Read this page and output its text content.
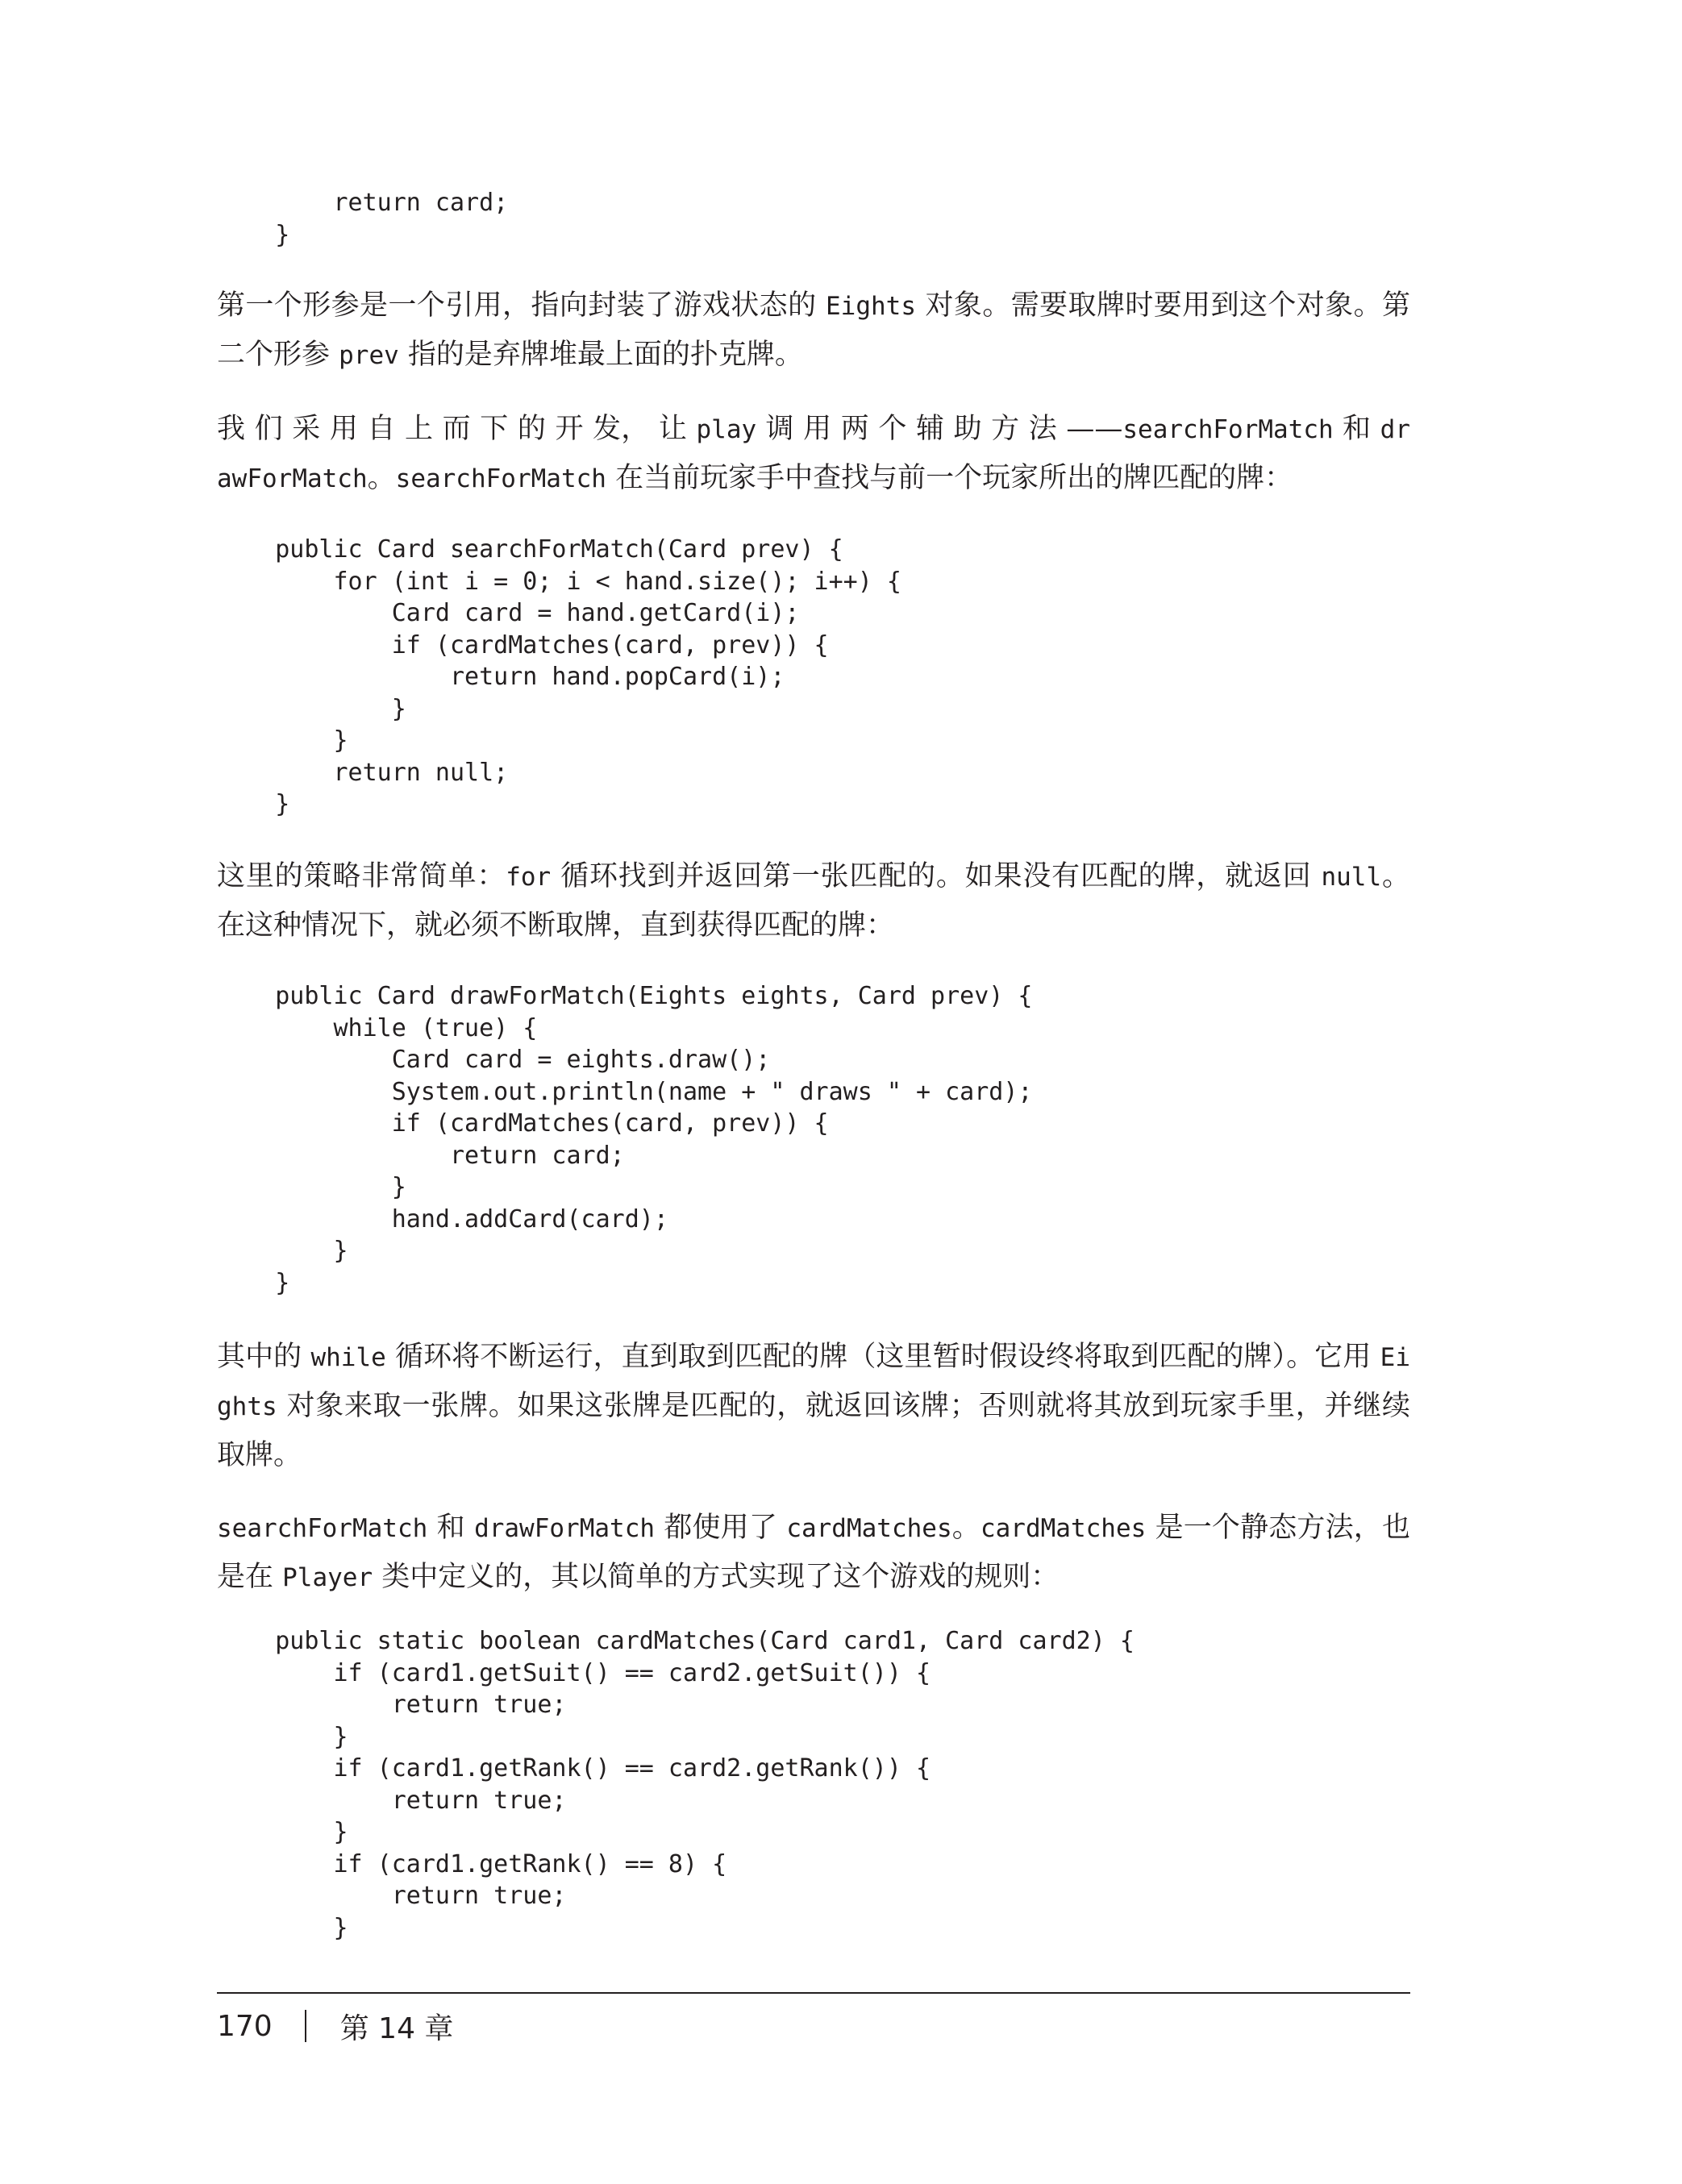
return card;
}

第一个形参是一个引用，指向封装了游戏状态的 Eights 对象。需要取牌时要用到这个对象。第二个形参 prev 指的是弃牌堆最上面的扑克牌。

我 们 采 用 自 上 而 下 的 开 发， 让 play 调 用 两 个 辅 助 方 法 ——searchForMatch 和 drawForMatch。searchForMatch 在当前玩家手中查找与前一个玩家所出的牌匹配的牌：

public Card searchForMatch(Card prev) {
for (int i = 0; i < hand.size(); i++) {
Card card = hand.getCard(i);
if (cardMatches(card, prev)) {
return hand.popCard(i);
}
}
return null;
}

这里的策略非常简单：for 循环找到并返回第一张匹配的。如果没有匹配的牌，就返回 null。在这种情况下，就必须不断取牌，直到获得匹配的牌：

public Card drawForMatch(Eights eights, Card prev) {
while (true) {
Card card = eights.draw();
System.out.println(name + " draws " + card);
if (cardMatches(card, prev)) {
return card;
}
hand.addCard(card);
}
}

其中的 while 循环将不断运行，直到取到匹配的牌（这里暂时假设终将取到匹配的牌）。它用 Eights 对象来取一张牌。如果这张牌是匹配的，就返回该牌；否则就将其放到玩家手里，并继续取牌。

searchForMatch 和 drawForMatch 都使用了 cardMatches。cardMatches 是一个静态方法，也是在 Player 类中定义的，其以简单的方式实现了这个游戏的规则：

public static boolean cardMatches(Card card1, Card card2) {
if (card1.getSuit() == card2.getSuit()) {
return true;
}
if (card1.getRank() == card2.getRank()) {
return true;
}
if (card1.getRank() == 8) {
return true;
}
170 第 14 章
